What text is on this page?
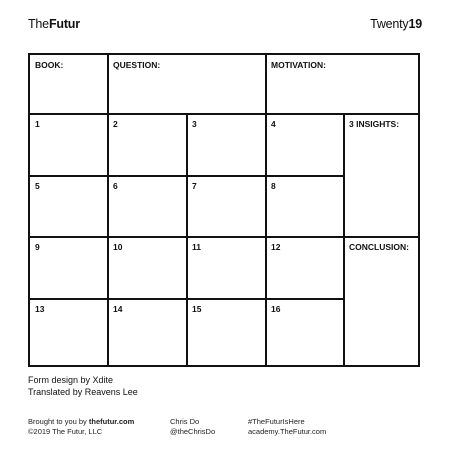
TheFutur	Twenty19
BOOK:	QUESTION:	MOTIVATION:
1	2	3	4
5	6	7	8
9	10	11	12
13	14	15	16
3 INSIGHTS:
CONCLUSION:
Form design by Xdite
Translated by Reavens Lee
Brought to you by thefutur.com
©2019 The Futur, LLC
Chris Do
@theChrisDo
#TheFuturIsHere
academy.TheFutur.com
